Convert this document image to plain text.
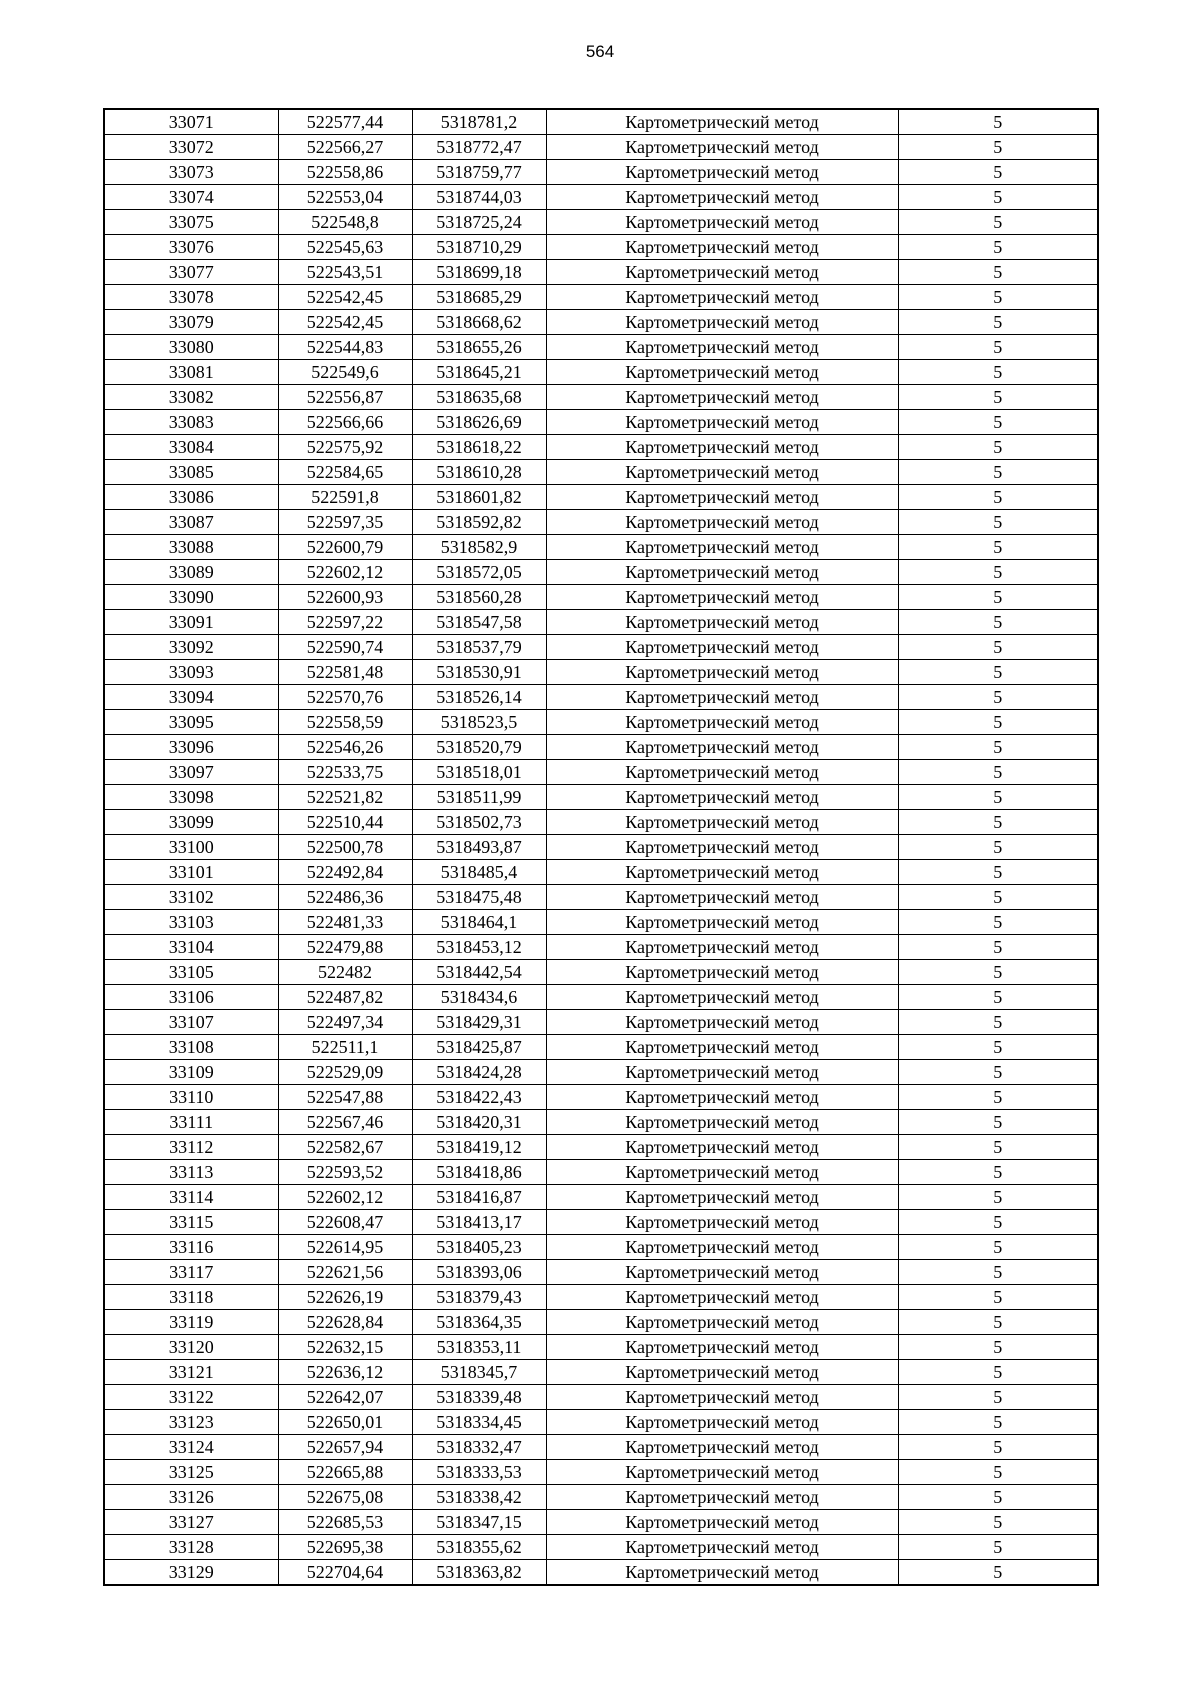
564
33071	522577,44	5318781,2	Картометрический метод	5
33072	522566,27	5318772,47	Картометрический метод	5
33073	522558,86	5318759,77	Картометрический метод	5
33074	522553,04	5318744,03	Картометрический метод	5
33075	522548,8	5318725,24	Картометрический метод	5
33076	522545,63	5318710,29	Картометрический метод	5
33077	522543,51	5318699,18	Картометрический метод	5
33078	522542,45	5318685,29	Картометрический метод	5
33079	522542,45	5318668,62	Картометрический метод	5
33080	522544,83	5318655,26	Картометрический метод	5
33081	522549,6	5318645,21	Картометрический метод	5
33082	522556,87	5318635,68	Картометрический метод	5
33083	522566,66	5318626,69	Картометрический метод	5
33084	522575,92	5318618,22	Картометрический метод	5
33085	522584,65	5318610,28	Картометрический метод	5
33086	522591,8	5318601,82	Картометрический метод	5
33087	522597,35	5318592,82	Картометрический метод	5
33088	522600,79	5318582,9	Картометрический метод	5
33089	522602,12	5318572,05	Картометрический метод	5
33090	522600,93	5318560,28	Картометрический метод	5
33091	522597,22	5318547,58	Картометрический метод	5
33092	522590,74	5318537,79	Картометрический метод	5
33093	522581,48	5318530,91	Картометрический метод	5
33094	522570,76	5318526,14	Картометрический метод	5
33095	522558,59	5318523,5	Картометрический метод	5
33096	522546,26	5318520,79	Картометрический метод	5
33097	522533,75	5318518,01	Картометрический метод	5
33098	522521,82	5318511,99	Картометрический метод	5
33099	522510,44	5318502,73	Картометрический метод	5
33100	522500,78	5318493,87	Картометрический метод	5
33101	522492,84	5318485,4	Картометрический метод	5
33102	522486,36	5318475,48	Картометрический метод	5
33103	522481,33	5318464,1	Картометрический метод	5
33104	522479,88	5318453,12	Картометрический метод	5
33105	522482	5318442,54	Картометрический метод	5
33106	522487,82	5318434,6	Картометрический метод	5
33107	522497,34	5318429,31	Картометрический метод	5
33108	522511,1	5318425,87	Картометрический метод	5
33109	522529,09	5318424,28	Картометрический метод	5
33110	522547,88	5318422,43	Картометрический метод	5
33111	522567,46	5318420,31	Картометрический метод	5
33112	522582,67	5318419,12	Картометрический метод	5
33113	522593,52	5318418,86	Картометрический метод	5
33114	522602,12	5318416,87	Картометрический метод	5
33115	522608,47	5318413,17	Картометрический метод	5
33116	522614,95	5318405,23	Картометрический метод	5
33117	522621,56	5318393,06	Картометрический метод	5
33118	522626,19	5318379,43	Картометрический метод	5
33119	522628,84	5318364,35	Картометрический метод	5
33120	522632,15	5318353,11	Картометрический метод	5
33121	522636,12	5318345,7	Картометрический метод	5
33122	522642,07	5318339,48	Картометрический метод	5
33123	522650,01	5318334,45	Картометрический метод	5
33124	522657,94	5318332,47	Картометрический метод	5
33125	522665,88	5318333,53	Картометрический метод	5
33126	522675,08	5318338,42	Картометрический метод	5
33127	522685,53	5318347,15	Картометрический метод	5
33128	522695,38	5318355,62	Картометрический метод	5
33129	522704,64	5318363,82	Картометрический метод	5
